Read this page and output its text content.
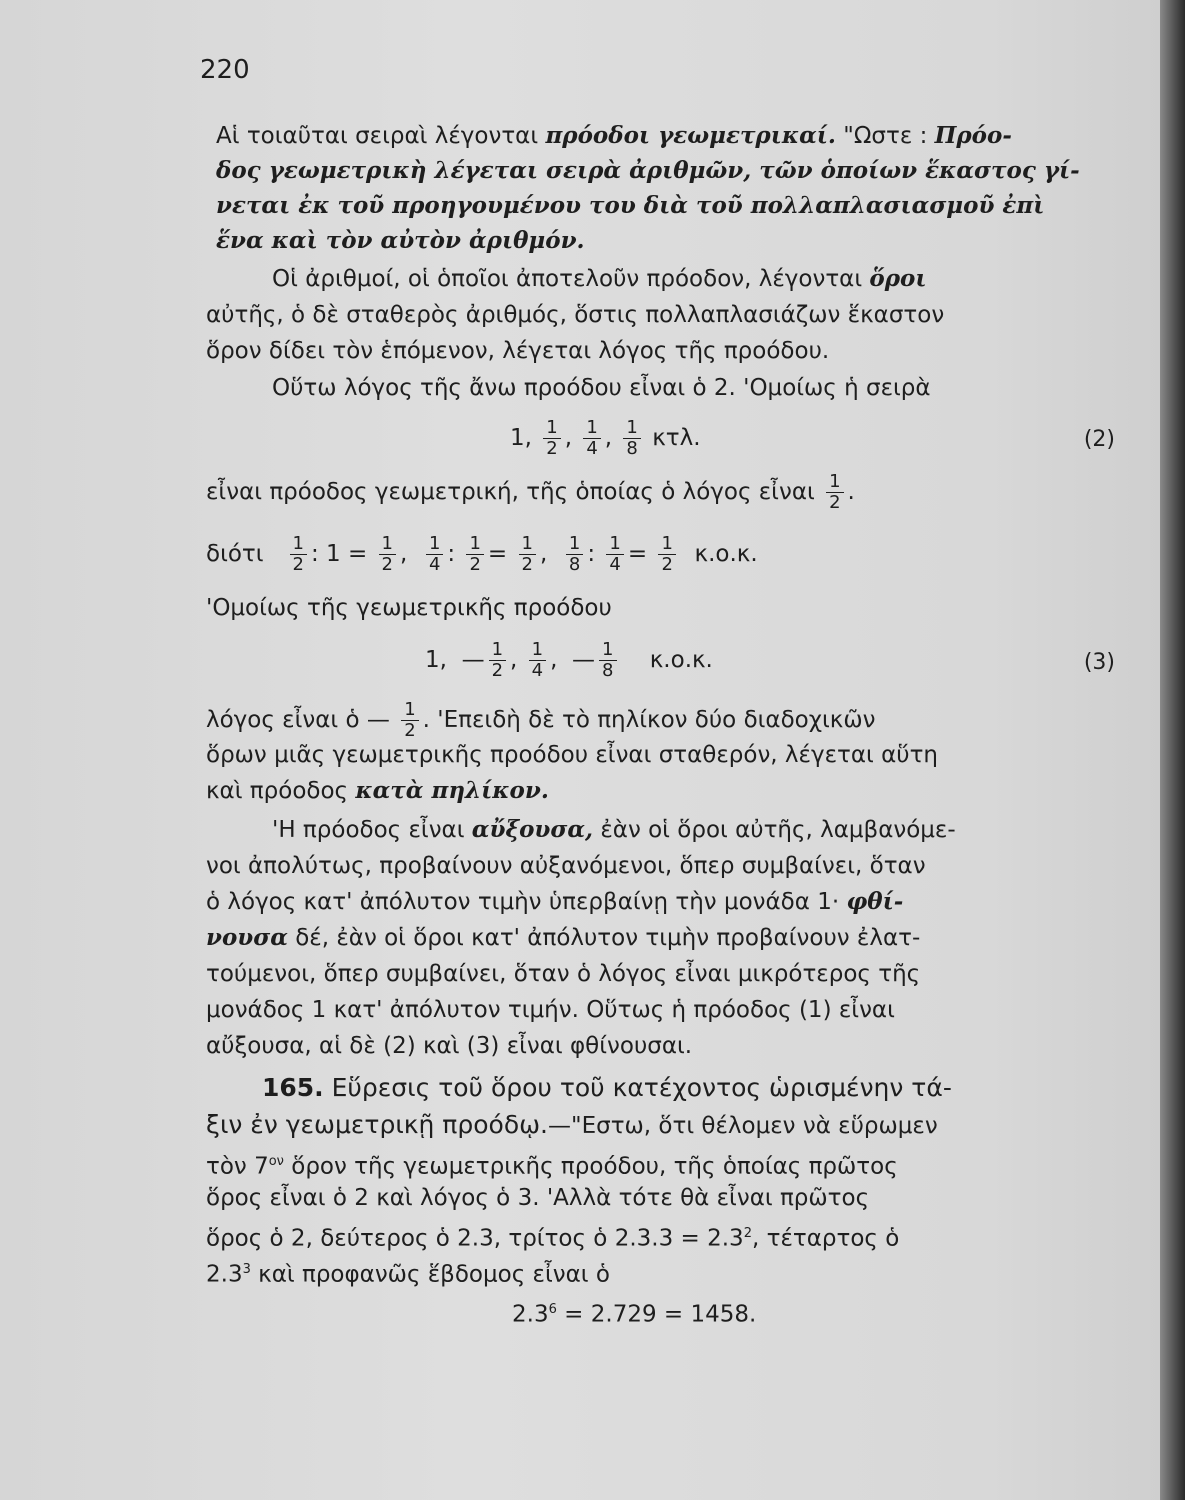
220
Αἱ τοιαῦται σειραὶ λέγονται πρόοδοι γεωμετρικαί. "Ωστε : Πρόο-
δος γεωμετρικὴ λέγεται σειρὰ ἀριθμῶν, τῶν ὁποίων ἕκαστος γί-
νεται ἐκ τοῦ προηγουμένου του διὰ τοῦ πολλαπλασιασμοῦ ἐπὶ
ἕνα καὶ τὸν αὐτὸν ἀριθμόν.
Οἱ ἀριθμοί, οἱ ὁποῖοι ἀποτελοῦν πρόοδον, λέγονται ὅροι
αὐτῆς, ὁ δὲ σταθερὸς ἀριθμός, ὅστις πολλαπλασιάζων ἕκαστον
ὅρον δίδει τὸν ἑπόμενον, λέγεται λόγος τῆς προόδου.
Οὕτω λόγος τῆς ἄνω προόδου εἶναι ὁ 2. 'Ομοίως ἡ σειρὰ
1, $\frac{1}{2}$ , $\frac{1}{4}$ , $\frac{1}{8} \kappa\tau\lambda$.	(2)
εἶναι πρόοδος γεωμετρική, τῆς ὁποίας ὁ λόγος εἶναι $\frac{1}{2}$ .
διότι $\frac{1}{2}$ : $1 = \frac{1}{2}$ , $\frac{1}{4}$ : $\frac{1}{2} = \frac{1}{2}$ , $\frac{1}{8}$ : $\frac{1}{4} = \frac{1}{2} \kappa.o.\kappa$.
'Ομοίως τῆς γεωμετρικῆς προόδου
1, — $\frac{1}{2}$ , $\frac{1}{4}$ , — $\frac{1}{8} \kappa.o.\kappa$.	(3)
λόγος εἶναι ὁ — $\frac{1}{2}$ . 'Επειδὴ δὲ τὸ πηλίκον δύο διαδοχικῶν
ὅρων μιᾶς γεωμετρικῆς προόδου εἶναι σταθερόν, λέγεται αὕτη
καὶ πρόοδος κατὰ πηλίκον.
'Η πρόοδος εἶναι αὔξουσα, ἐὰν οἱ ὅροι αὐτῆς, λαμβανόμε-
νοι ἀπολύτως, προβαίνουν αὐξανόμενοι, ὅπερ συμβαίνει, ὅταν
ὁ λόγος κατ' ἀπόλυτον τιμὴν ὑπερβαίνῃ τὴν μονάδα 1· φθί-
νουσα δέ, ἐὰν οἱ ὅροι κατ' ἀπόλυτον τιμὴν προβαίνουν ἐλατ-
τούμενοι, ὅπερ συμβαίνει, ὅταν ὁ λόγος εἶναι μικρότερος τῆς
μονάδος 1 κατ' ἀπόλυτον τιμήν. Οὕτως ἡ πρόοδος (1) εἶναι
αὔξουσα, αἱ δὲ (2) καὶ (3) εἶναι φθίνουσαι.
165. Εὕρεσις τοῦ ὅρου τοῦ κατέχοντος ὡρισμένην τά-
ξιν ἐν γεωμετρικῇ προόδῳ.—"Εστω, ὅτι θέλομεν νὰ εὕρωμεν
τὸν $7^{o\nu}$ ὅρον τῆς γεωμετρικῆς προόδου, τῆς ὁποίας πρῶτος
ὅρος εἶναι ὁ 2 καὶ λόγος ὁ 3. 'Αλλὰ τότε θὰ εἶναι πρῶτος
ὅρος ὁ 2, δεύτερος ὁ 2.3, τρίτος ὁ $2.3.3 = 2.3^2$, τέταρτος ὁ
$2.3^3$ καὶ προφανῶς ἕβδομος εἶναι ὁ
$2.3^6 = 2.729 = 1458$.
